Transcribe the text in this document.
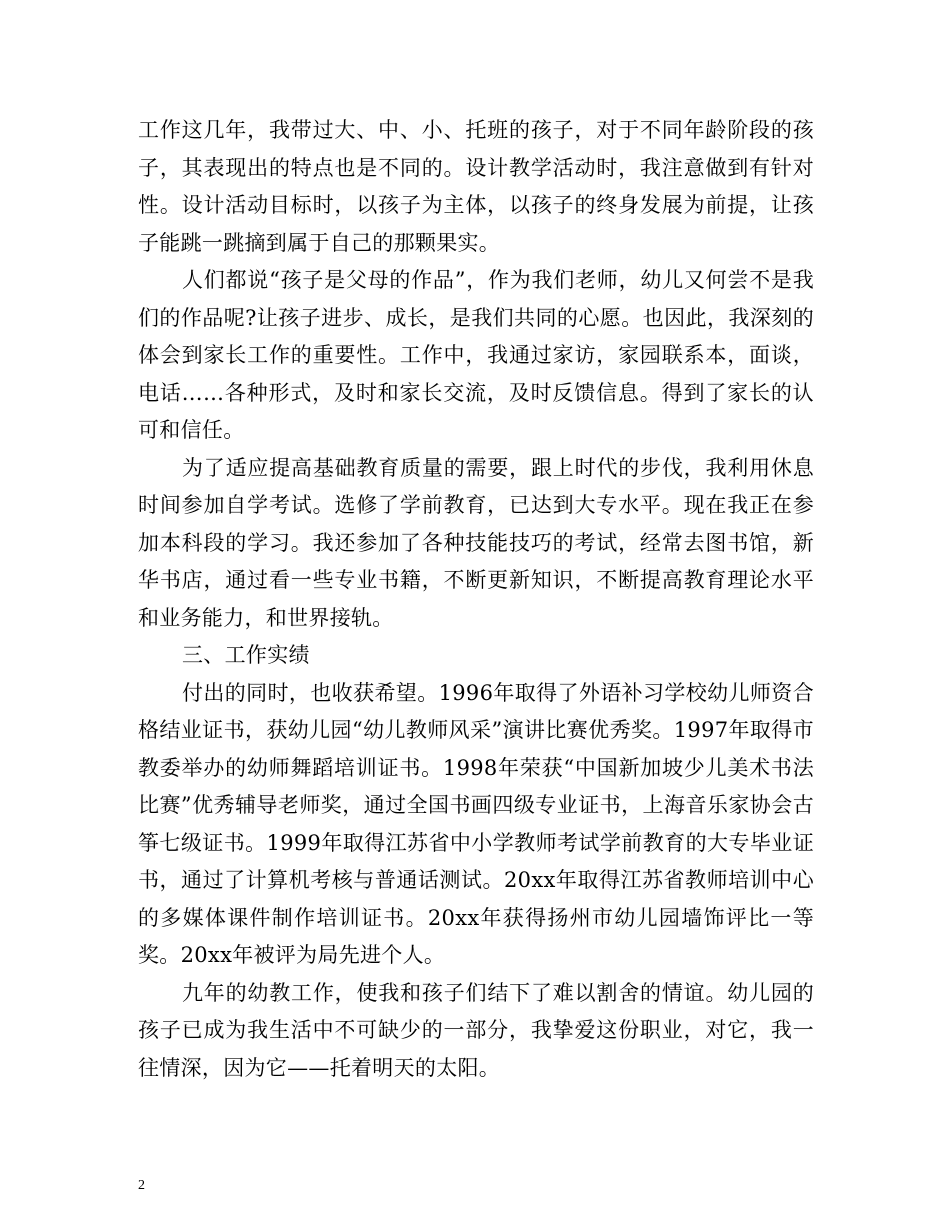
工作这几年，我带过大、中、小、托班的孩子，对于不同年龄阶段的孩子，其表现出的特点也是不同的。设计教学活动时，我注意做到有针对性。设计活动目标时，以孩子为主体，以孩子的终身发展为前提，让孩子能跳一跳摘到属于自己的那颗果实。

人们都说“孩子是父母的作品”，作为我们老师，幼儿又何尝不是我们的作品呢?让孩子进步、成长，是我们共同的心愿。也因此，我深刻的体会到家长工作的重要性。工作中，我通过家访，家园联系本，面谈，电话……各种形式，及时和家长交流，及时反馈信息。得到了家长的认可和信任。

为了适应提高基础教育质量的需要，跟上时代的步伐，我利用休息时间参加自学考试。选修了学前教育，已达到大专水平。现在我正在参加本科段的学习。我还参加了各种技能技巧的考试，经常去图书馆，新华书店，通过看一些专业书籍，不断更新知识，不断提高教育理论水平和业务能力，和世界接轨。

三、工作实绩

付出的同时，也收获希望。1996年取得了外语补习学校幼儿师资合格结业证书，获幼儿园“幼儿教师风采”演讲比赛优秀奖。1997年取得市教委举办的幼师舞蹈培训证书。1998年荣获“中国新加坡少儿美术书法比赛”优秀辅导老师奖，通过全国书画四级专业证书，上海音乐家协会古筝七级证书。1999年取得江苏省中小学教师考试学前教育的大专毕业证书，通过了计算机考核与普通话测试。20xx年取得江苏省教师培训中心的多媒体课件制作培训证书。20xx年获得扬州市幼儿园墙饰评比一等奖。20xx年被评为局先进个人。

九年的幼教工作，使我和孩子们结下了难以割舍的情谊。幼儿园的孩子已成为我生活中不可缺少的一部分，我挚爱这份职业，对它，我一往情深，因为它——托着明天的太阳。

2
